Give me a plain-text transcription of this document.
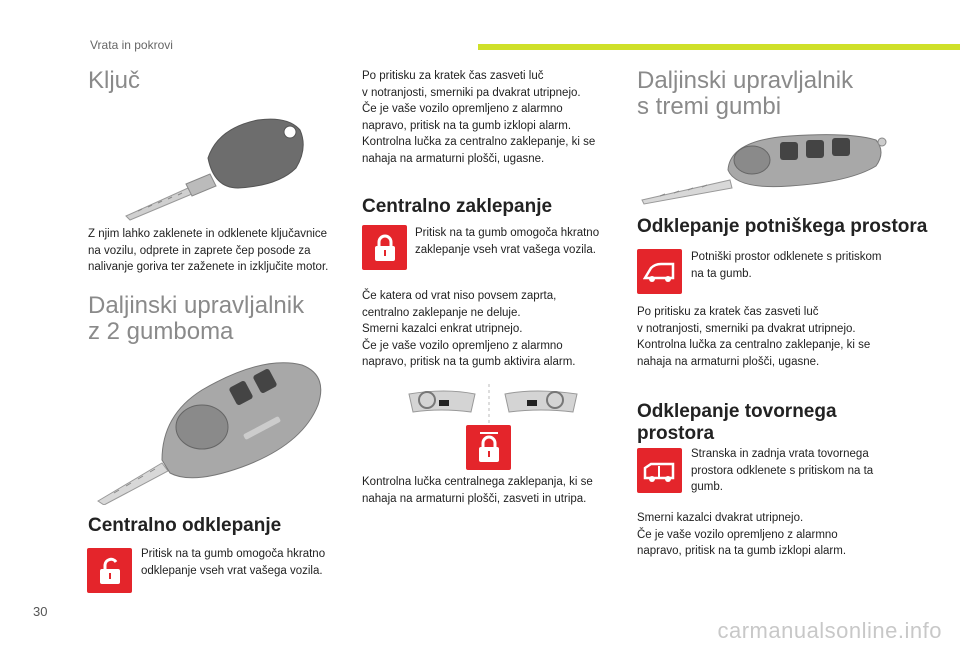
Vrata in pokrovi
Ključ

Z njim lahko zaklenete in odklenete ključavnice
na vozilu, odprete in zaprete čep posode za
nalivanje goriva ter zaženete in izključite motor.

Daljinski upravljalnik
z 2 gumboma
Centralno odklepanje

Pritisk na ta gumb omogoča hkratno
odklepanje vseh vrat vašega vozila.

Po pritisku za kratek čas zasveti luč
v notranjosti, smerniki pa dvakrat utripnejo.
Če je vaše vozilo opremljeno z alarmno
napravo, pritisk na ta gumb izklopi alarm.
Kontrolna lučka za centralno zaklepanje, ki se
nahaja na armaturni plošči, ugasne.

Centralno zaklepanje

Pritisk na ta gumb omogoča hkratno
zaklepanje vseh vrat vašega vozila.

Če katera od vrat niso povsem zaprta,
centralno zaklepanje ne deluje.
Smerni kazalci enkrat utripnejo.
Če je vaše vozilo opremljeno z alarmno
napravo, pritisk na ta gumb aktivira alarm.

Kontrolna lučka centralnega zaklepanja, ki se
nahaja na armaturni plošči, zasveti in utripa.

Daljinski upravljalnik
s tremi gumbi
Odklepanje potniškega prostora

Potniški prostor odklenete s pritiskom
na ta gumb.

Po pritisku za kratek čas zasveti luč
v notranjosti, smerniki pa dvakrat utripnejo.
Kontrolna lučka za centralno zaklepanje, ki se
nahaja na armaturni plošči, ugasne.

Odklepanje tovornega
prostora

Stranska in zadnja vrata tovornega
prostora odklenete s pritiskom na ta
gumb.

Smerni kazalci dvakrat utripnejo.
Če je vaše vozilo opremljeno z alarmno
napravo, pritisk na ta gumb izklopi alarm.

30
carmanualsonline.info
